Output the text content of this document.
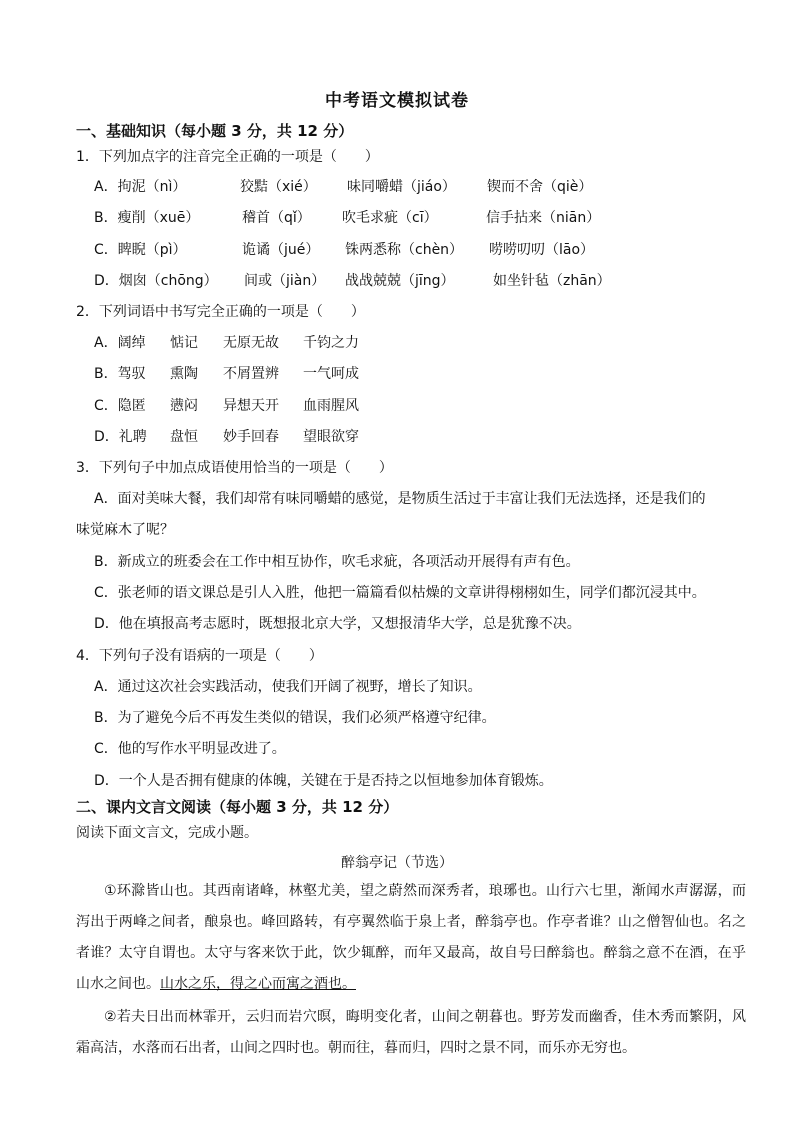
中考语文模拟试卷
一、基础知识（每小题 3 分，共 12 分）
1．下列加点字的注音完全正确的一项是（　　）
A．拘泥（nì）	狡黠（xié） 味同嚼蜡（jiáo） 锲而不舍（qiè）
B．瘦削（xuē）	稽首（qǐ） 吹毛求疵（cī）	信手拈来（niān）
C．睥睨（pì）	诡谲（jué） 铢两悉称（chèn） 唠唠叨叨（lāo）
D．烟囱（chōng） 间或（jiàn） 战战兢兢（jīng）	如坐针毡（zhān）
2．下列词语中书写完全正确的一项是（　　）
A．阔绰 惦记 无原无故 千钧之力
B．驾驭 熏陶 不屑置辨 一气呵成
C．隐匿 懑闷 异想天开 血雨腥风
D．礼聘 盘恒 妙手回春 望眼欲穿
3．下列句子中加点成语使用恰当的一项是（　　）
A．面对美味大餐，我们却常有味同嚼蜡的感觉，是物质生活过于丰富让我们无法选择，还是我们的
味觉麻木了呢？
B．新成立的班委会在工作中相互协作，吹毛求疵，各项活动开展得有声有色。
C．张老师的语文课总是引人入胜，他把一篇篇看似枯燥的文章讲得栩栩如生，同学们都沉浸其中。
D．他在填报高考志愿时，既想报北京大学，又想报清华大学，总是犹豫不决。
4．下列句子没有语病的一项是（　　）
A．通过这次社会实践活动，使我们开阔了视野，增长了知识。
B．为了避免今后不再发生类似的错误，我们必须严格遵守纪律。
C．他的写作水平明显改进了。
D．一个人是否拥有健康的体魄，关键在于是否持之以恒地参加体育锻炼。
二、课内文言文阅读（每小题 3 分，共 12 分）
阅读下面文言文，完成小题。
醉翁亭记（节选）
①环滁皆山也。其西南诸峰，林壑尤美，望之蔚然而深秀者，琅琊也。山行六七里，渐闻水声潺潺，而泻出于两峰之间者，酿泉也。峰回路转，有亭翼然临于泉上者，醉翁亭也。作亭者谁？山之僧智仙也。名之者谁？太守自谓也。太守与客来饮于此，饮少辄醉，而年又最高，故自号曰醉翁也。醉翁之意不在酒，在乎山水之间也。山水之乐，得之心而寓之酒也。
②若夫日出而林霏开，云归而岩穴暝，晦明变化者，山间之朝暮也。野芳发而幽香，佳木秀而繁阴，风霜高洁，水落而石出者，山间之四时也。朝而往，暮而归，四时之景不同，而乐亦无穷也。
